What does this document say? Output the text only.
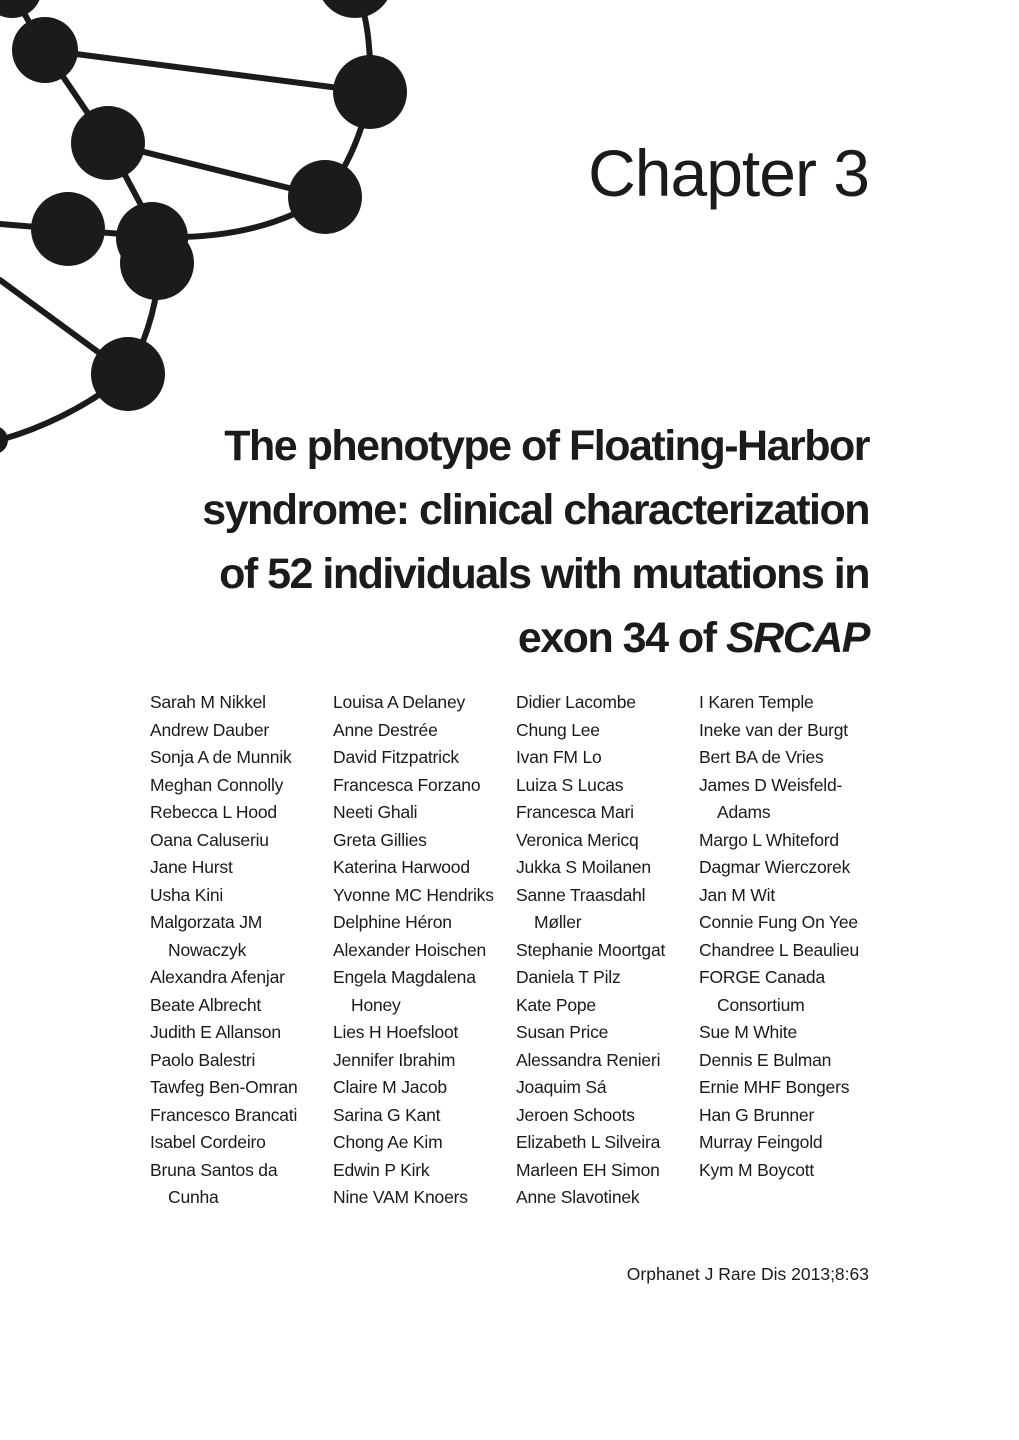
Chapter 3
The phenotype of Floating-Harbor
syndrome: clinical characterization
of 52 individuals with mutations in
exon 34 of SRCAP
Sarah M Nikkel
Andrew Dauber
Sonja A de Munnik
Meghan Connolly
Rebecca L Hood
Oana Caluseriu
Jane Hurst
Usha Kini
Malgorzata JM Nowaczyk
Alexandra Afenjar
Beate Albrecht
Judith E Allanson
Paolo Balestri
Tawfeg Ben-Omran
Francesco Brancati
Isabel Cordeiro
Bruna Santos da Cunha
Louisa A Delaney
Anne Destrée
David Fitzpatrick
Francesca Forzano
Neeti Ghali
Greta Gillies
Katerina Harwood
Yvonne MC Hendriks
Delphine Héron
Alexander Hoischen
Engela Magdalena Honey
Lies H Hoefsloot
Jennifer Ibrahim
Claire M Jacob
Sarina G Kant
Chong Ae Kim
Edwin P Kirk
Nine VAM Knoers
Didier Lacombe
Chung Lee
Ivan FM Lo
Luiza S Lucas
Francesca Mari
Veronica Mericq
Jukka S Moilanen
Sanne Traasdahl Møller
Stephanie Moortgat
Daniela T Pilz
Kate Pope
Susan Price
Alessandra Renieri
Joaquim Sá
Jeroen Schoots
Elizabeth L Silveira
Marleen EH Simon
Anne Slavotinek
I Karen Temple
Ineke van der Burgt
Bert BA de Vries
James D Weisfeld-Adams
Margo L Whiteford
Dagmar Wierczorek
Jan M Wit
Connie Fung On Yee
Chandree L Beaulieu
FORGE Canada Consortium
Sue M White
Dennis E Bulman
Ernie MHF Bongers
Han G Brunner
Murray Feingold
Kym M Boycott
Orphanet J Rare Dis 2013;8:63
